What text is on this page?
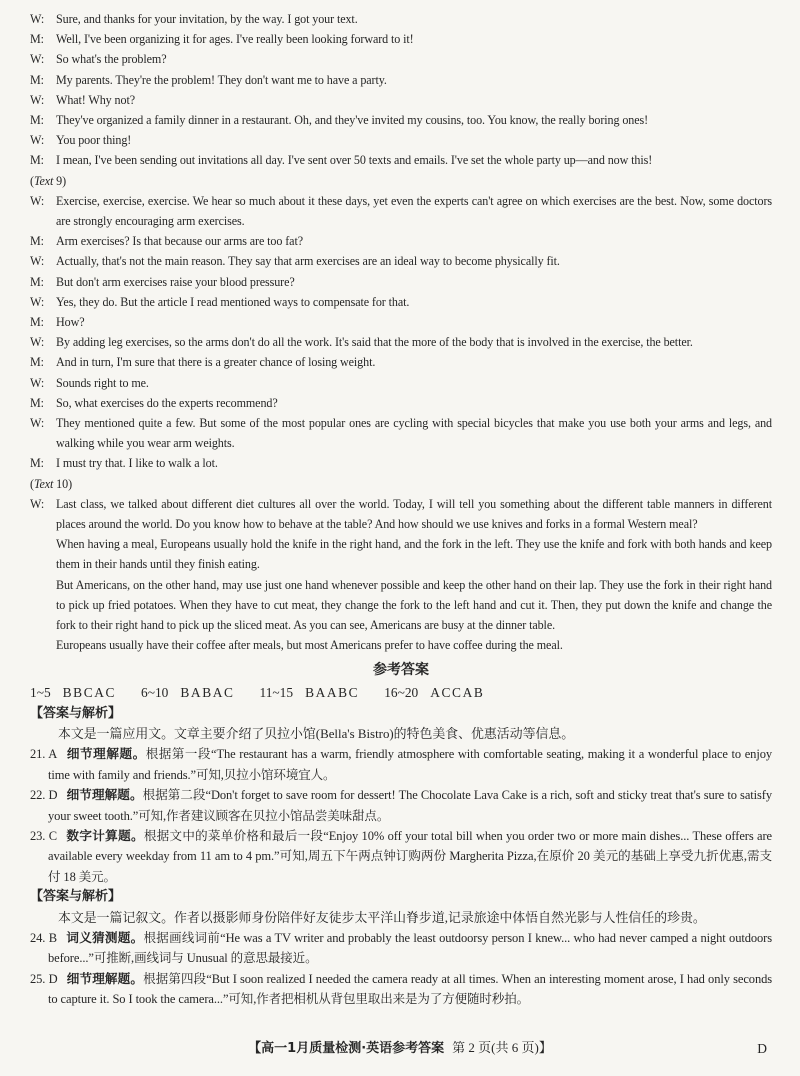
W: Sure, and thanks for your invitation, by the way. I got your text.

M: Well, I've been organizing it for ages. I've really been looking forward to it!

W: So what's the problem?

M: My parents. They're the problem! They don't want me to have a party.

W: What! Why not?

M: They've organized a family dinner in a restaurant. Oh, and they've invited my cousins, too. You know, the really boring ones!

W: You poor thing!

M: I mean, I've been sending out invitations all day. I've sent over 50 texts and emails. I've set the whole party up—and now this!

(Text 9)

W: Exercise, exercise, exercise. We hear so much about it these days, yet even the experts can't agree on which exercises are the best. Now, some doctors are strongly encouraging arm exercises.

M: Arm exercises? Is that because our arms are too fat?

W: Actually, that's not the main reason. They say that arm exercises are an ideal way to become physically fit.

M: But don't arm exercises raise your blood pressure?

W: Yes, they do. But the article I read mentioned ways to compensate for that.

M: How?

W: By adding leg exercises, so the arms don't do all the work. It's said that the more of the body that is involved in the exercise, the better.

M: And in turn, I'm sure that there is a greater chance of losing weight.

W: Sounds right to me.

M: So, what exercises do the experts recommend?

W: They mentioned quite a few. But some of the most popular ones are cycling with special bicycles that make you use both your arms and legs, and walking while you wear arm weights.

M: I must try that. I like to walk a lot.

(Text 10)

W: Last class, we talked about different diet cultures all over the world. Today, I will tell you something about the different table manners in different places around the world. Do you know how to behave at the table? And how should we use knives and forks in a formal Western meal?

When having a meal, Europeans usually hold the knife in the right hand, and the fork in the left. They use the knife and fork with both hands and keep them in their hands until they finish eating.

But Americans, on the other hand, may use just one hand whenever possible and keep the other hand on their lap. They use the fork in their right hand to pick up fried potatoes. When they have to cut meat, they change the fork to the left hand and cut it. Then, they put down the knife and change the fork to their right hand to pick up the sliced meat. As you can see, Americans are busy at the dinner table.

Europeans usually have their coffee after meals, but most Americans prefer to have coffee during the meal.

参考答案
1~5 BBCAC 6~10 BABAC 11~15 BAABC 16~20 ACCAB

【答案与解析】

本文是一篇应用文。文章主要介绍了贝拉小馆(Bella's Bistro)的特色美食、优惠活动等信息。

21. A 细节理解题。根据第一段“The restaurant has a warm, friendly atmosphere with comfortable seating, making it a wonderful place to enjoy time with family and friends.”可知,贝拉小馆环境宜人。

22. D 细节理解题。根据第二段“Don't forget to save room for dessert! The Chocolate Lava Cake is a rich, soft and sticky treat that's sure to satisfy your sweet tooth.”可知,作者建议顾客在贝拉小馆品尝美味甜点。

23. C 数字计算题。根据文中的菜单价格和最后一段“Enjoy 10% off your total bill when you order two or more main dishes... These offers are available every weekday from 11 am to 4 pm.”可知,周五下午两点钟订购两份 Margherita Pizza,在原价 20 美元的基础上享受九折优惠,需支付 18 美元。

【答案与解析】

本文是一篇记叙文。作者以摄影师身份陪伴好友徒步太平洋山脊步道,记录旅途中体悟自然光影与人性信任的珍贵。

24. B 词义猜测题。根据画线词前“He was a TV writer and probably the least outdoorsy person I knew... who had never camped a night outdoors before...”可推断,画线词与 Unusual 的意思最接近。

25. D 细节理解题。根据第四段“But I soon realized I needed the camera ready at all times. When an interesting moment arose, I had only seconds to capture it. So I took the camera...”可知,作者把相机从背包里取出来是为了方便随时秒拍。

【高一1月质量检测·英语参考答案 第 2 页(共 6 页)】	D
